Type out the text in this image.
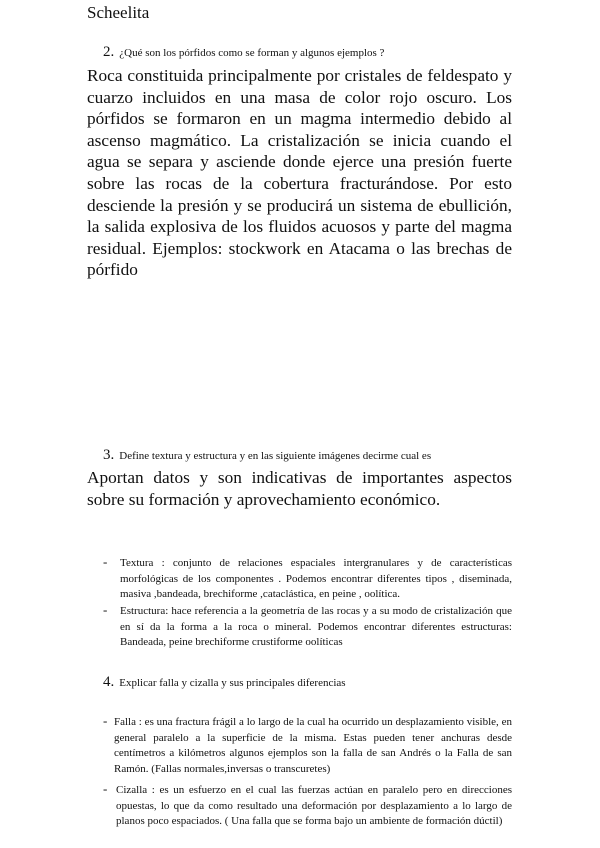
Scheelita
2. ¿Qué son los pórfidos como se forman y algunos ejemplos ?
Roca constituida principalmente por cristales de feldespato y cuarzo incluidos en una masa de color rojo oscuro. Los pórfidos se formaron en un magma intermedio debido al ascenso magmático. La cristalización se inicia cuando el agua se separa y asciende donde ejerce una presión fuerte sobre las rocas de la cobertura fracturándose. Por esto desciende la presión y se producirá un sistema de ebullición, la salida explosiva de los fluidos acuosos y parte del magma residual. Ejemplos: stockwork en Atacama o las brechas de pórfido
3. Define textura y estructura y en las siguiente imágenes decirme cual es
Aportan datos y son indicativas de importantes aspectos sobre su formación y aprovechamiento económico.
- Textura : conjunto de relaciones espaciales intergranulares y de características morfológicas de los componentes . Podemos encontrar diferentes tipos , diseminada, masiva ,bandeada, brechiforme ,cataclástica, en peine , oolítica.
- Estructura: hace referencia a la geometría de las rocas y a su modo de cristalización que en sí da la forma a la roca o mineral. Podemos encontrar diferentes estructuras: Bandeada, peine brechiforme crustiforme oolíticas
4. Explicar falla y cizalla y sus principales diferencias
- Falla : es una fractura frágil a lo largo de la cual ha ocurrido un desplazamiento visible, en general paralelo a la superficie de la misma. Estas pueden tener anchuras desde centímetros a kilómetros algunos ejemplos son la falla de san Andrés o la Falla de san Ramón. (Fallas normales,inversas o transcuretes)
- Cizalla : es un esfuerzo en el cual las fuerzas actúan en paralelo pero en direcciones opuestas, lo que da como resultado una deformación por desplazamiento a lo largo de planos poco espaciados. ( Una falla que se forma bajo un ambiente de formación dúctil)
